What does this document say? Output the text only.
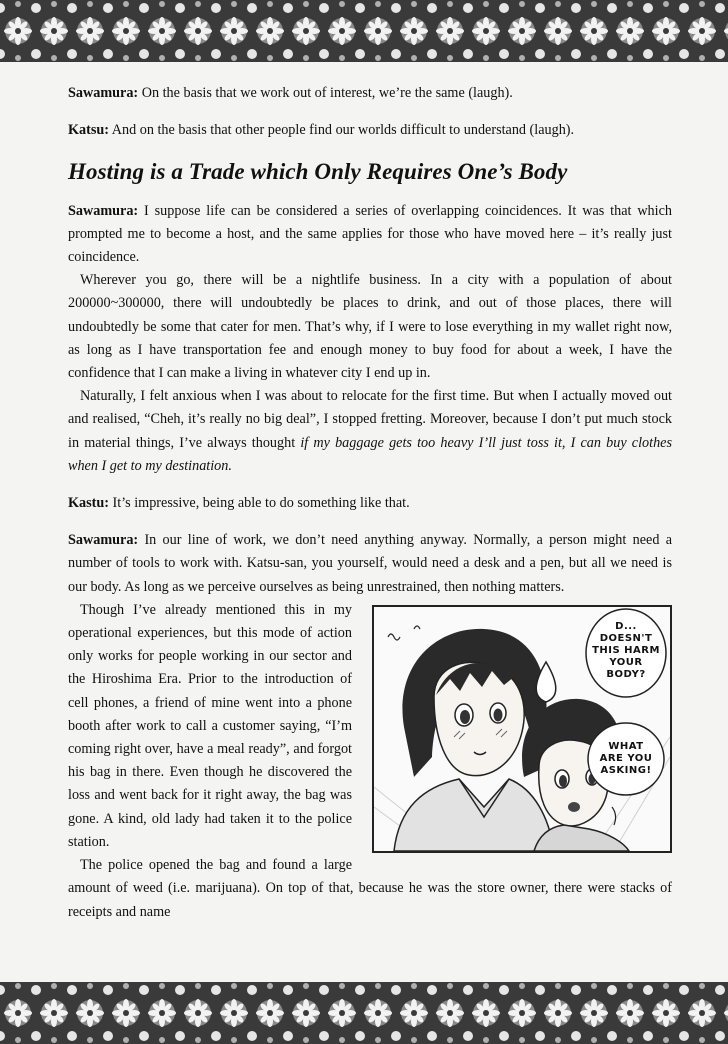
Sawamura: On the basis that we work out of interest, we’re the same (laugh).

Katsu: And on the basis that other people find our worlds difficult to understand (laugh).

Hosting is a Trade which Only Requires One’s Body

Sawamura: I suppose life can be considered a series of overlapping coincidences. It was that which prompted me to become a host, and the same applies for those who have moved here – it’s really just coincidence.

Wherever you go, there will be a nightlife business. In a city with a population of about 200000~300000, there will undoubtedly be places to drink, and out of those places, there will undoubtedly be some that cater for men. That’s why, if I were to lose everything in my wallet right now, as long as I have transportation fee and enough money to buy food for about a week, I have the confidence that I can make a living in whatever city I end up in.

Naturally, I felt anxious when I was about to relocate for the first time. But when I actually moved out and realised, “Cheh, it’s really no big deal”, I stopped fretting. Moreover, because I don’t put much stock in material things, I’ve always thought if my baggage gets too heavy I’ll just toss it, I can buy clothes when I get to my destination.

Kastu: It’s impressive, being able to do something like that.

Sawamura: In our line of work, we don’t need anything anyway. Normally, a person might need a number of tools to work with. Katsu-san, you yourself, would need a desk and a pen, but all we need is our body. As long as we perceive ourselves as being unrestrained, then nothing matters.

D...
DOESN'T
THIS HARM
YOUR
BODY?
WHAT
ARE YOU
ASKING!

Though I’ve already mentioned this in my operational experiences, but this mode of action only works for people working in our sector and the Hiroshima Era. Prior to the introduction of cell phones, a friend of mine went into a phone booth after work to call a customer saying, “I’m coming right over, have a meal ready”, and forgot his bag in there. Even though he discovered the loss and went back for it right away, the bag was gone. A kind, old lady had taken it to the police station.

The police opened the bag and found a large amount of weed (i.e. marijuana). On top of that, because he was the store owner, there were stacks of receipts and name
